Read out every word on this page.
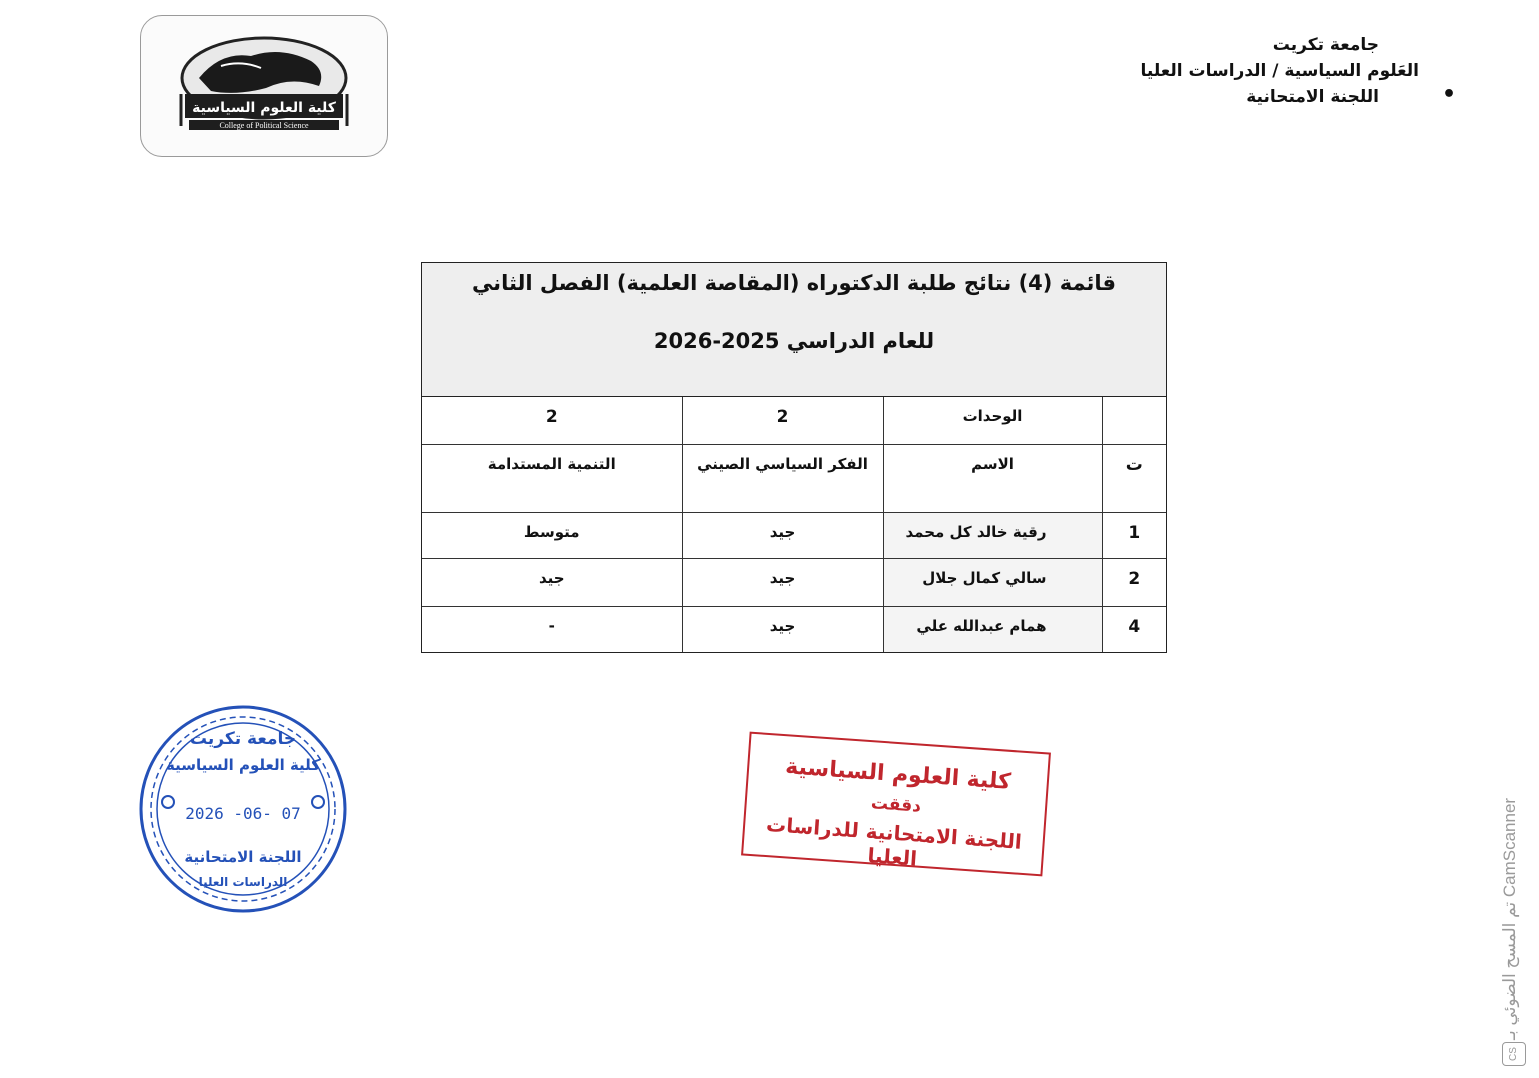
كلية العلوم السياسية
College of Political Science
جامعة تكريت
العَلوم السياسية / الدراسات العليا
اللجنة الامتحانية	•
قائمة (4) نتائج طلبة الدكتوراه (المقاصة العلمية) الفصل الثاني
للعام الدراسي 2025-2026
	الوحدات	2	2
ت	الاسم	الفكر السياسي الصيني	التنمية المستدامة
1	رقية خالد كل محمد	جيد	متوسط
2	سالي كمال جلال	جيد	جيد
4	همام عبدالله علي	جيد	-
جامعة تكريت
كلية العلوم السياسية
2026 -06- 07
اللجنة الامتحانية
الدراسات العليا
كلية العلوم السياسية
دققت
اللجنة الامتحانية للدراسات العليا
تم المسح الضوئي بـ CamScanner
CS
